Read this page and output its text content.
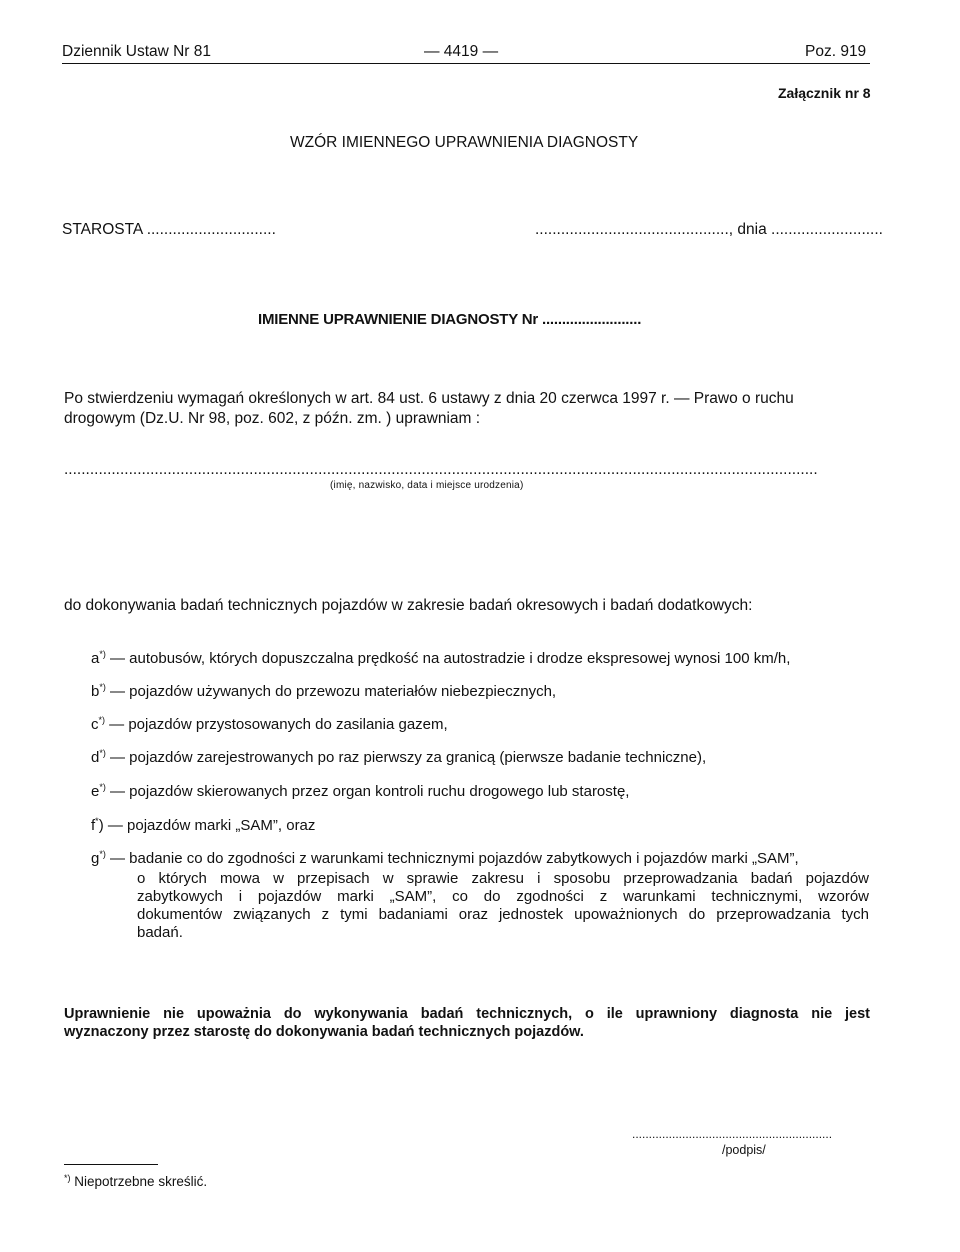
Dziennik Ustaw Nr 81	— 4419 —	Poz. 919
Załącznik nr 8
WZÓR IMIENNEGO UPRAWNIENIA DIAGNOSTY
STAROSTA ..............................	............................................., dnia ..........................
IMIENNE UPRAWNIENIE DIAGNOSTY Nr .........................
Po stwierdzeniu wymagań określonych w art. 84 ust. 6 ustawy z dnia 20 czerwca 1997 r. — Prawo o ruchu
drogowym (Dz.U. Nr 98, poz. 602, z późn. zm. ) uprawniam :
...............................................................................................................................................................................
(imię, nazwisko, data i miejsce urodzenia)
do dokonywania badań technicznych pojazdów w zakresie badań okresowych i badań dodatkowych:
a*) — autobusów, których dopuszczalna prędkość na autostradzie i drodze ekspresowej wynosi 100 km/h,
b*) — pojazdów używanych do przewozu materiałów niebezpiecznych,
c*) — pojazdów przystosowanych do zasilania gazem,
d*) — pojazdów zarejestrowanych po raz pierwszy za granicą (pierwsze badanie techniczne),
e*) — pojazdów skierowanych przez organ kontroli ruchu drogowego lub starostę,
f*) — pojazdów marki „SAM”, oraz
g*) — badanie co do zgodności z warunkami technicznymi pojazdów zabytkowych i pojazdów marki „SAM”,
o których mowa w przepisach w sprawie zakresu i sposobu przeprowadzania badań pojazdów
zabytkowych i pojazdów marki „SAM”, co do zgodności z warunkami technicznymi, wzorów
dokumentów związanych z tymi badaniami oraz jednostek upoważnionych do przeprowadzania tych
badań.
Uprawnienie nie upoważnia do wykonywania badań technicznych, o ile uprawniony diagnosta nie jest
wyznaczony przez starostę do dokonywania badań technicznych pojazdów.
............................................................
/podpis/
*) Niepotrzebne skreślić.
